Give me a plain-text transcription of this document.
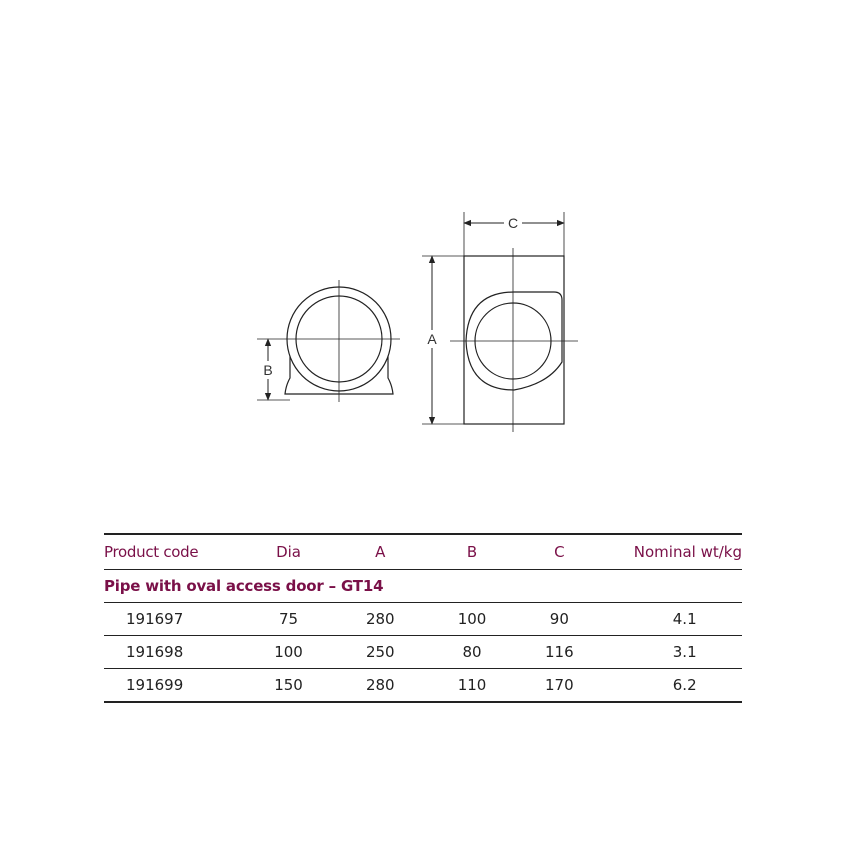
B
A
C
Product code	Dia	A	B	C	Nominal wt/kg
Pipe with oval access door – GT14					
191697	75	280	100	90	4.1
191698	100	250	80	116	3.1
191699	150	280	110	170	6.2
